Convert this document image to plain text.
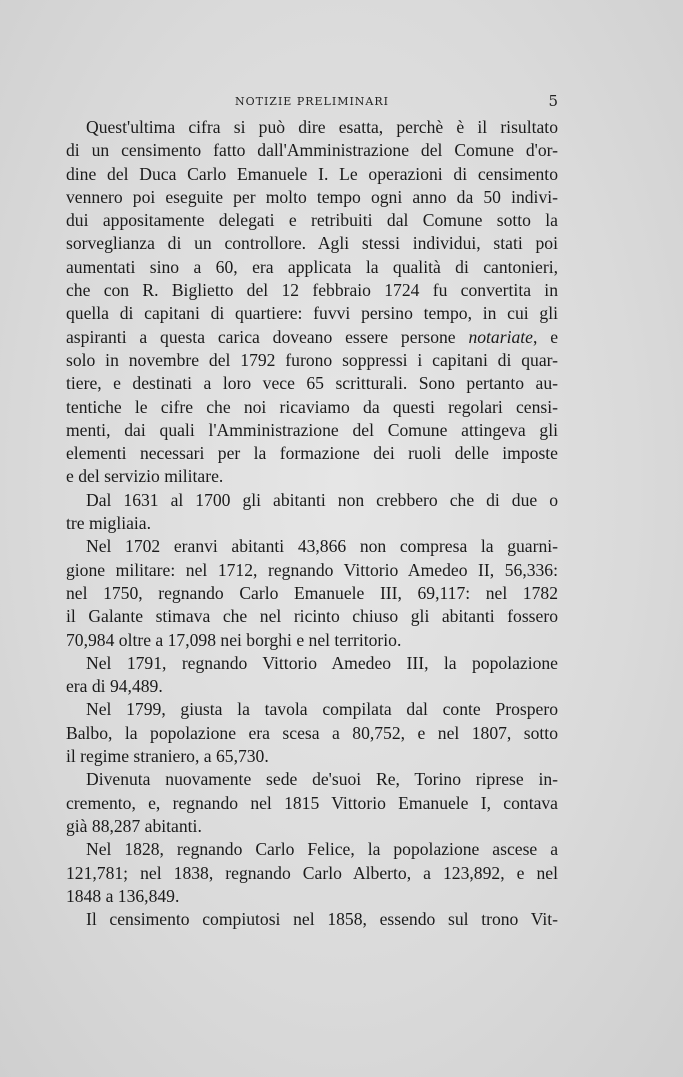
NOTIZIE PRELIMINARI	5
Quest'ultima cifra si può dire esatta, perchè è il risultato
di un censimento fatto dall'Amministrazione del Comune d'or-
dine del Duca Carlo Emanuele I. Le operazioni di censimento
vennero poi eseguite per molto tempo ogni anno da 50 indivi-
dui appositamente delegati e retribuiti dal Comune sotto la
sorveglianza di un controllore. Agli stessi individui, stati poi
aumentati sino a 60, era applicata la qualità di cantonieri,
che con R. Biglietto del 12 febbraio 1724 fu convertita in
quella di capitani di quartiere: fuvvi persino tempo, in cui gli
aspiranti a questa carica doveano essere persone notariate, e
solo in novembre del 1792 furono soppressi i capitani di quar-
tiere, e destinati a loro vece 65 scritturali. Sono pertanto au-
tentiche le cifre che noi ricaviamo da questi regolari censi-
menti, dai quali l'Amministrazione del Comune attingeva gli
elementi necessari per la formazione dei ruoli delle imposte
e del servizio militare.
Dal 1631 al 1700 gli abitanti non crebbero che di due o
tre migliaia.
Nel 1702 eranvi abitanti 43,866 non compresa la guarni-
gione militare: nel 1712, regnando Vittorio Amedeo II, 56,336:
nel 1750, regnando Carlo Emanuele III, 69,117: nel 1782
il Galante stimava che nel ricinto chiuso gli abitanti fossero
70,984 oltre a 17,098 nei borghi e nel territorio.
Nel 1791, regnando Vittorio Amedeo III, la popolazione
era di 94,489.
Nel 1799, giusta la tavola compilata dal conte Prospero
Balbo, la popolazione era scesa a 80,752, e nel 1807, sotto
il regime straniero, a 65,730.
Divenuta nuovamente sede de'suoi Re, Torino riprese in-
cremento, e, regnando nel 1815 Vittorio Emanuele I, contava
già 88,287 abitanti.
Nel 1828, regnando Carlo Felice, la popolazione ascese a
121,781; nel 1838, regnando Carlo Alberto, a 123,892, e nel
1848 a 136,849.
Il censimento compiutosi nel 1858, essendo sul trono Vit-
